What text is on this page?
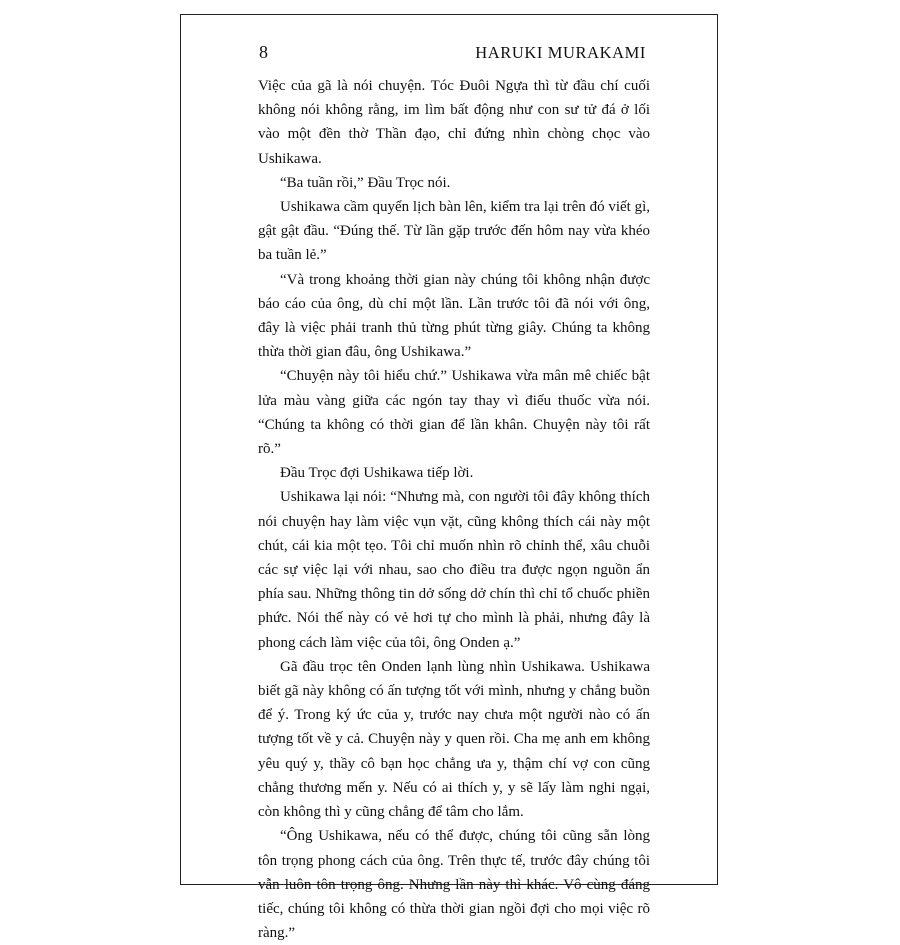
8	HARUKI MURAKAMI

Việc của gã là nói chuyện. Tóc Đuôi Ngựa thì từ đầu chí cuối không nói không rằng, im lìm bất động như con sư tử đá ở lối vào một đền thờ Thần đạo, chỉ đứng nhìn chòng chọc vào Ushikawa.

“Ba tuần rồi,” Đầu Trọc nói.

Ushikawa cầm quyển lịch bàn lên, kiểm tra lại trên đó viết gì, gật gật đầu. “Đúng thế. Từ lần gặp trước đến hôm nay vừa khéo ba tuần lẻ.”

“Và trong khoảng thời gian này chúng tôi không nhận được báo cáo của ông, dù chỉ một lần. Lần trước tôi đã nói với ông, đây là việc phải tranh thủ từng phút từng giây. Chúng ta không thừa thời gian đâu, ông Ushikawa.”

“Chuyện này tôi hiểu chứ.” Ushikawa vừa mân mê chiếc bật lửa màu vàng giữa các ngón tay thay vì điếu thuốc vừa nói. “Chúng ta không có thời gian để lần khân. Chuyện này tôi rất rõ.”

Đầu Trọc đợi Ushikawa tiếp lời.

Ushikawa lại nói: “Nhưng mà, con người tôi đây không thích nói chuyện hay làm việc vụn vặt, cũng không thích cái này một chút, cái kia một tẹo. Tôi chỉ muốn nhìn rõ chỉnh thể, xâu chuỗi các sự việc lại với nhau, sao cho điều tra được ngọn nguồn ẩn phía sau. Những thông tin dở sống dở chín thì chỉ tổ chuốc phiền phức. Nói thế này có vẻ hơi tự cho mình là phải, nhưng đây là phong cách làm việc của tôi, ông Onden ạ.”

Gã đầu trọc tên Onden lạnh lùng nhìn Ushikawa. Ushikawa biết gã này không có ấn tượng tốt với mình, nhưng y chẳng buồn để ý. Trong ký ức của y, trước nay chưa một người nào có ấn tượng tốt về y cả. Chuyện này y quen rồi. Cha mẹ anh em không yêu quý y, thầy cô bạn học chẳng ưa y, thậm chí vợ con cũng chẳng thương mến y. Nếu có ai thích y, y sẽ lấy làm nghi ngại, còn không thì y cũng chẳng để tâm cho lắm.

“Ông Ushikawa, nếu có thể được, chúng tôi cũng sẵn lòng tôn trọng phong cách của ông. Trên thực tế, trước đây chúng tôi vẫn luôn tôn trọng ông. Nhưng lần này thì khác. Vô cùng đáng tiếc, chúng tôi không có thừa thời gian ngồi đợi cho mọi việc rõ ràng.”
